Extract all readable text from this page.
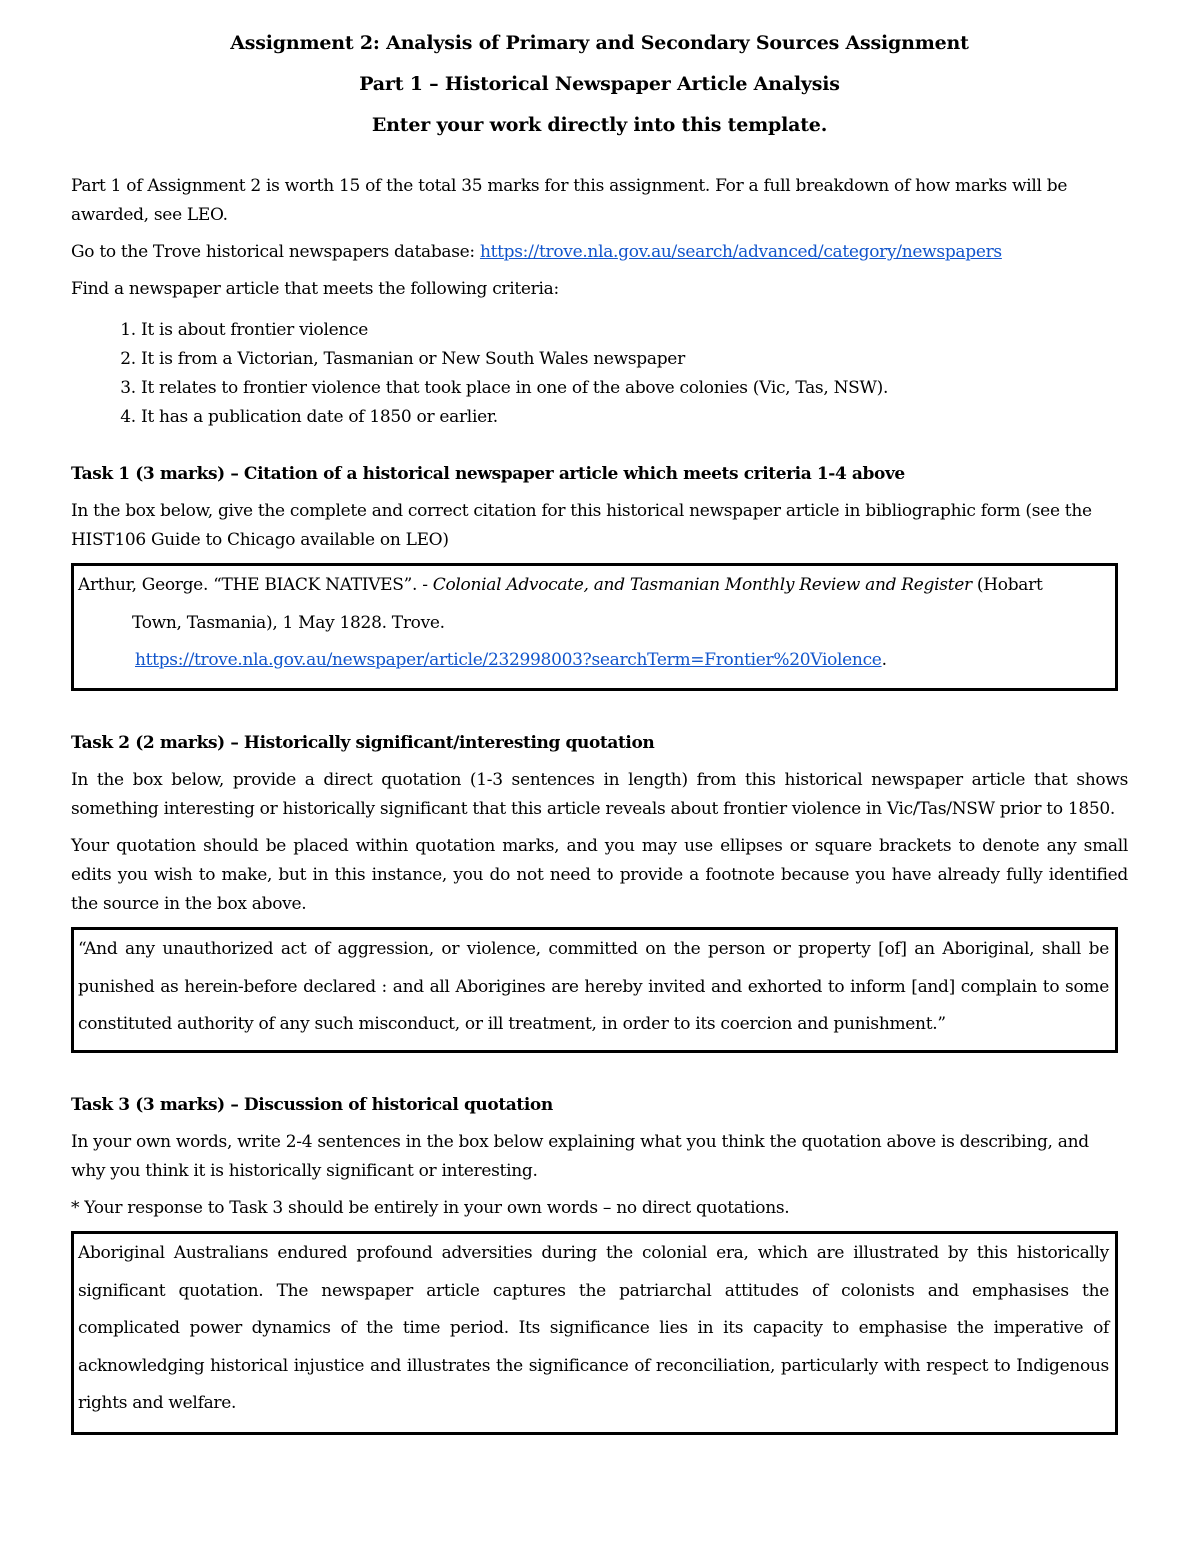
Assignment 2: Analysis of Primary and Secondary Sources Assignment
Part 1 – Historical Newspaper Article Analysis
Enter your work directly into this template.
Part 1 of Assignment 2 is worth 15 of the total 35 marks for this assignment. For a full breakdown of how marks will be awarded, see LEO.
Go to the Trove historical newspapers database: https://trove.nla.gov.au/search/advanced/category/newspapers
Find a newspaper article that meets the following criteria:
1. It is about frontier violence
2. It is from a Victorian, Tasmanian or New South Wales newspaper
3. It relates to frontier violence that took place in one of the above colonies (Vic, Tas, NSW).
4. It has a publication date of 1850 or earlier.
Task 1 (3 marks) – Citation of a historical newspaper article which meets criteria 1-4 above
In the box below, give the complete and correct citation for this historical newspaper article in bibliographic form (see the HIST106 Guide to Chicago available on LEO)
Arthur, George. “THE BIACK NATIVES”. - Colonial Advocate, and Tasmanian Monthly Review and Register (Hobart
Town, Tasmania), 1 May 1828. Trove.
https://trove.nla.gov.au/newspaper/article/232998003?searchTerm=Frontier%20Violence.
Task 2 (2 marks) – Historically significant/interesting quotation
In the box below, provide a direct quotation (1-3 sentences in length) from this historical newspaper article that shows something interesting or historically significant that this article reveals about frontier violence in Vic/Tas/NSW prior to 1850.
Your quotation should be placed within quotation marks, and you may use ellipses or square brackets to denote any small edits you wish to make, but in this instance, you do not need to provide a footnote because you have already fully identified the source in the box above.
“And any unauthorized act of aggression, or violence, committed on the person or property [of] an Aboriginal, shall be punished as herein-before declared : and all Aborigines are hereby invited and exhorted to inform [and] complain to some constituted authority of any such misconduct, or ill treatment, in order to its coercion and punishment.”
Task 3 (3 marks) – Discussion of historical quotation
In your own words, write 2-4 sentences in the box below explaining what you think the quotation above is describing, and why you think it is historically significant or interesting.
* Your response to Task 3 should be entirely in your own words – no direct quotations.
Aboriginal Australians endured profound adversities during the colonial era, which are illustrated by this historically significant quotation. The newspaper article captures the patriarchal attitudes of colonists and emphasises the complicated power dynamics of the time period. Its significance lies in its capacity to emphasise the imperative of acknowledging historical injustice and illustrates the significance of reconciliation, particularly with respect to Indigenous rights and welfare.
